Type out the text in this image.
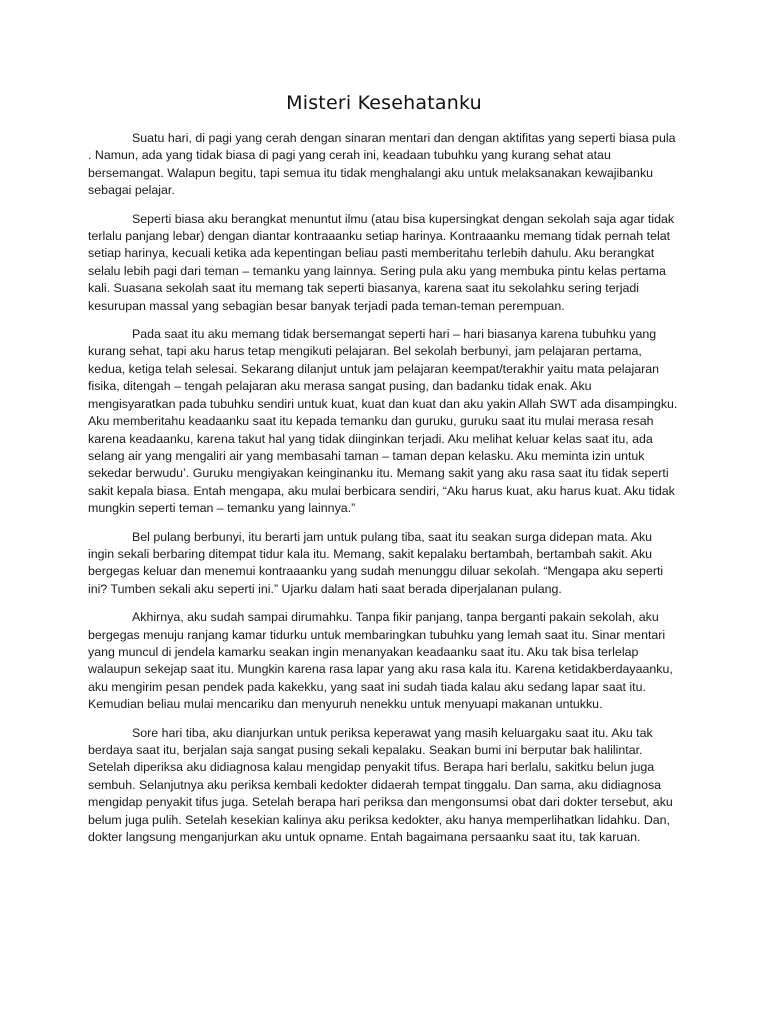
Misteri Kesehatanku

Suatu hari, di pagi yang cerah dengan sinaran mentari dan dengan aktifitas yang seperti biasa pula . Namun, ada yang tidak biasa di pagi yang cerah ini, keadaan tubuhku yang kurang sehat atau bersemangat. Walapun begitu, tapi semua itu tidak menghalangi aku untuk melaksanakan kewajibanku sebagai pelajar.

Seperti biasa aku berangkat menuntut ilmu (atau bisa kupersingkat dengan sekolah saja agar tidak terlalu panjang lebar) dengan diantar kontraaanku setiap harinya. Kontraaanku memang tidak pernah telat setiap harinya, kecuali ketika ada kepentingan beliau pasti memberitahu terlebih dahulu. Aku berangkat selalu lebih pagi dari teman – temanku yang lainnya. Sering pula aku yang membuka pintu kelas pertama kali. Suasana sekolah saat itu memang tak seperti biasanya, karena saat itu sekolahku sering terjadi kesurupan massal yang sebagian besar banyak terjadi pada teman-teman perempuan.

Pada saat itu aku memang tidak bersemangat seperti hari – hari biasanya karena tubuhku yang kurang sehat, tapi aku harus tetap mengikuti pelajaran. Bel sekolah berbunyi, jam pelajaran pertama, kedua, ketiga telah selesai. Sekarang dilanjut untuk jam pelajaran keempat/terakhir yaitu mata pelajaran fisika, ditengah – tengah pelajaran aku merasa sangat pusing, dan badanku tidak enak. Aku mengisyaratkan pada tubuhku sendiri untuk kuat, kuat dan kuat dan aku yakin Allah SWT ada disampingku. Aku memberitahu keadaanku saat itu kepada temanku dan guruku, guruku saat itu mulai merasa resah karena keadaanku, karena takut hal yang tidak diinginkan terjadi. Aku melihat keluar kelas saat itu, ada selang air yang mengaliri air yang membasahi taman – taman depan kelasku. Aku meminta izin untuk sekedar berwudu’. Guruku mengiyakan keinginanku itu. Memang sakit yang aku rasa saat itu tidak seperti sakit kepala biasa. Entah mengapa, aku mulai berbicara sendiri, “Aku harus kuat, aku harus kuat. Aku tidak mungkin seperti teman – temanku yang lainnya.”

Bel pulang berbunyi, itu berarti jam untuk pulang tiba, saat itu seakan surga didepan mata. Aku ingin sekali berbaring ditempat tidur kala itu. Memang, sakit kepalaku bertambah, bertambah sakit. Aku bergegas keluar dan menemui kontraaanku yang sudah menunggu diluar sekolah. “Mengapa aku seperti ini? Tumben sekali aku seperti ini.” Ujarku dalam hati saat berada diperjalanan pulang.

Akhirnya, aku sudah sampai dirumahku. Tanpa fikir panjang, tanpa berganti pakain sekolah, aku bergegas menuju ranjang kamar tidurku untuk membaringkan tubuhku yang lemah saat itu. Sinar mentari yang muncul di jendela kamarku seakan ingin menanyakan keadaanku saat itu. Aku tak bisa terlelap walaupun sekejap saat itu. Mungkin karena rasa lapar yang aku rasa kala itu. Karena ketidakberdayaanku, aku mengirim pesan pendek pada kakekku, yang saat ini sudah tiada kalau aku sedang lapar saat itu. Kemudian beliau mulai mencariku dan menyuruh nenekku untuk menyuapi makanan untukku.

Sore hari tiba, aku dianjurkan untuk periksa keperawat yang masih keluargaku saat itu. Aku tak berdaya saat itu, berjalan saja sangat pusing sekali kepalaku. Seakan bumi ini berputar bak halilintar. Setelah diperiksa aku didiagnosa kalau mengidap penyakit tifus. Berapa hari berlalu, sakitku belun juga sembuh. Selanjutnya aku periksa kembali kedokter didaerah tempat tinggalu. Dan sama, aku didiagnosa mengidap penyakit tifus juga. Setelah berapa hari periksa dan mengonsumsi obat dari dokter tersebut, aku belum juga pulih. Setelah kesekian kalinya aku periksa kedokter, aku hanya memperlihatkan lidahku. Dan, dokter langsung menganjurkan aku untuk opname. Entah bagaimana persaanku saat itu, tak karuan.
